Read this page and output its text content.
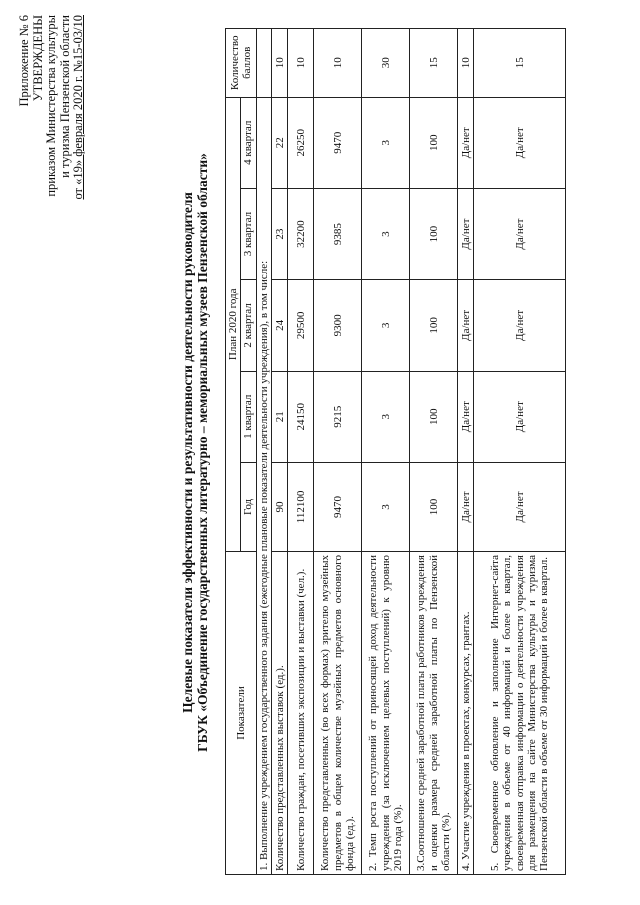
Приложение № 6 УТВЕРЖДЕНЫ приказом Министерства культуры и туризма Пензенской области от «19» февраля 2020 г. №15-03/10
Целевые показатели эффективности и результативности деятельности руководителя ГБУК «Объединение государственных литературно – мемориальных музеев Пензенской области» Показатели	План 2020 года					Количество баллов
	Год	1 квартал	2 квартал	3 квартал	4 квартал	
1. Выполнение учреждением государственного задания (ежегодные плановые показатели деятельности учреждения), в том числе:						
Количество представленных выставок (ед.).	90	21	24	23	22	10
Количество граждан, посетивших экспозиции и выставки (чел.).	112100	24150	29500	32200	26250	10
Количество представленных (во всех формах) зрителю музейных предметов в общем количестве музейных предметов основного фонда (ед.).	9470	9215	9300	9385	9470	10
2. Темп роста поступлений от приносящей доход деятельности учреждения (за исключением целевых поступлений) к уровню 2019 года (%).	3	3	3	3	3	30
3.Соотношение средней заработной платы работников учреждения и оценки размера средней заработной платы по Пензенской области (%).	100	100	100	100	100	15
4. Участие учреждения в проектах, конкурсах, грантах.	Да/нет	Да/нет	Да/нет	Да/нет	Да/нет	10
5. Своевременное обновление и заполнение Интернет-сайта учреждения в объеме от 40 информаций и более в квартал, своевременная отправка информации о деятельности учреждения для размещения на сайте Министерства культуры и туризма Пензенской области в объеме от 30 информаций и более в квартал.	Да/нет	Да/нет	Да/нет	Да/нет	Да/нет	15
